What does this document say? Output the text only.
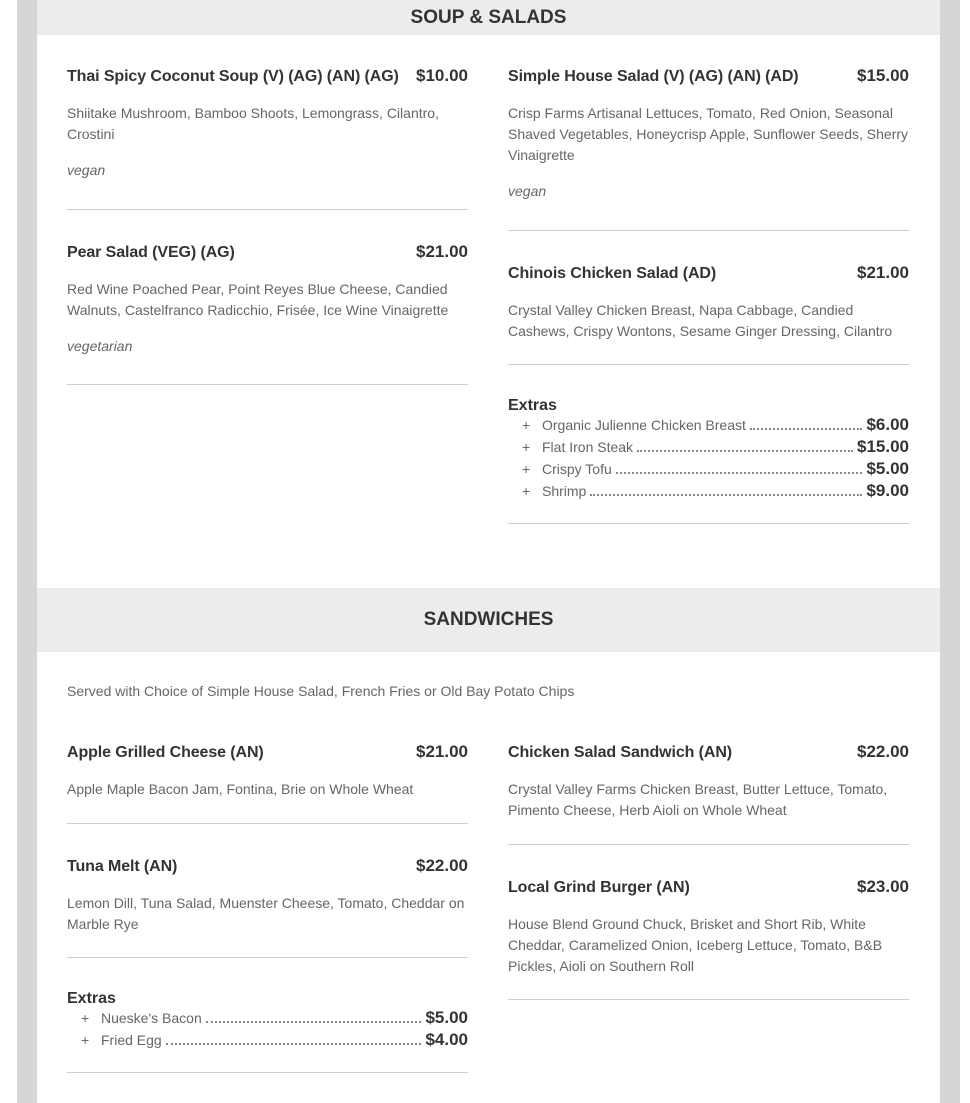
SOUP & SALADS
Thai Spicy Coconut Soup (V) (AG) (AN) (AG) $10.00
Shiitake Mushroom, Bamboo Shoots, Lemongrass, Cilantro, Crostini
vegan
Pear Salad (VEG) (AG)	$21.00
Red Wine Poached Pear, Point Reyes Blue Cheese, Candied Walnuts, Castelfranco Radicchio, Frisée, Ice Wine Vinaigrette
vegetarian
Simple House Salad (V) (AG) (AN) (AD)	$15.00
Crisp Farms Artisanal Lettuces, Tomato, Red Onion, Seasonal Shaved Vegetables, Honeycrisp Apple, Sunflower Seeds, Sherry Vinaigrette
vegan
Chinois Chicken Salad (AD)	$21.00
Crystal Valley Chicken Breast, Napa Cabbage, Candied Cashews, Crispy Wontons, Sesame Ginger Dressing, Cilantro
Extras
+ Organic Julienne Chicken Breast	$6.00
+ Flat Iron Steak	$15.00
+ Crispy Tofu	$5.00
+ Shrimp	$9.00
SANDWICHES
Served with Choice of Simple House Salad, French Fries or Old Bay Potato Chips
Apple Grilled Cheese (AN)	$21.00
Apple Maple Bacon Jam, Fontina, Brie on Whole Wheat
Tuna Melt (AN)	$22.00
Lemon Dill, Tuna Salad, Muenster Cheese, Tomato, Cheddar on Marble Rye
Extras
+ Nueske's Bacon	$5.00
+ Fried Egg	$4.00
Chicken Salad Sandwich (AN)	$22.00
Crystal Valley Farms Chicken Breast, Butter Lettuce, Tomato, Pimento Cheese, Herb Aioli on Whole Wheat
Local Grind Burger (AN)	$23.00
House Blend Ground Chuck, Brisket and Short Rib, White Cheddar, Caramelized Onion, Iceberg Lettuce, Tomato, B&B Pickles, Aioli on Southern Roll
